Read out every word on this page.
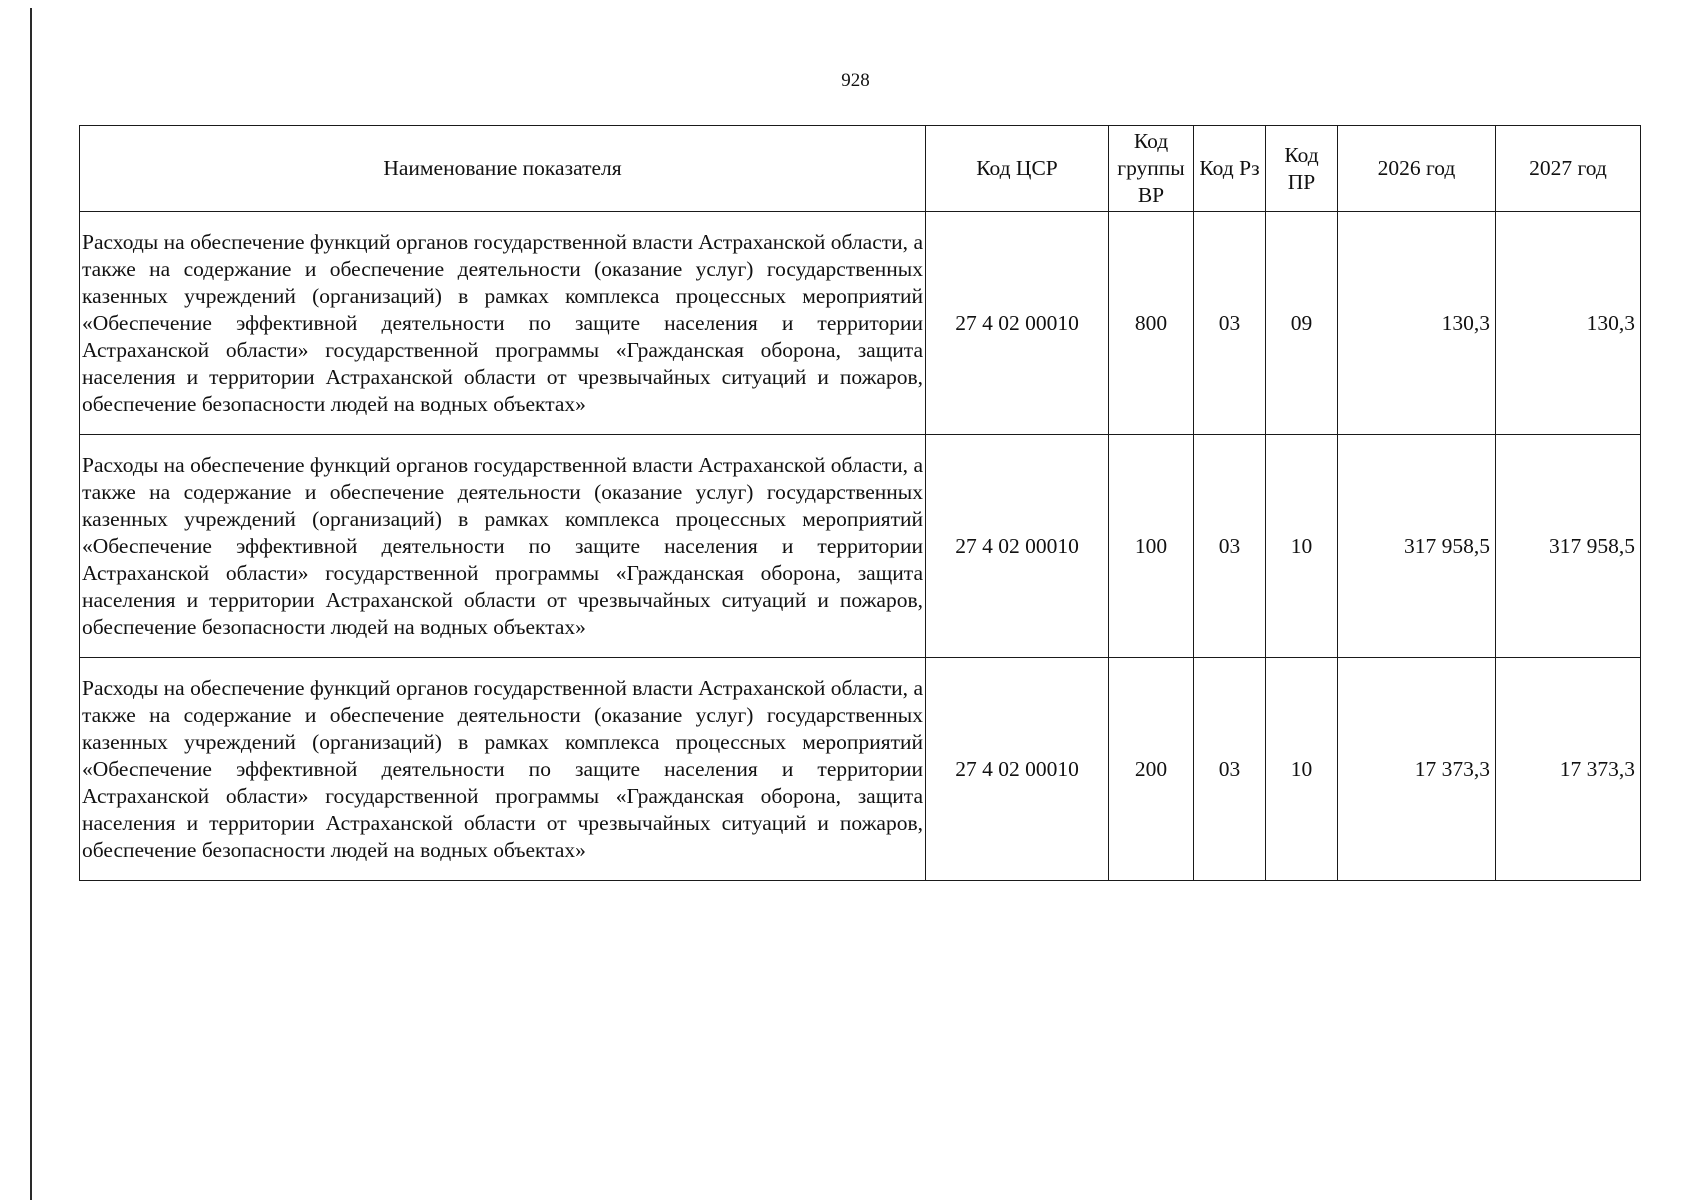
928
Наименование показателя	Код ЦСР	Код группы ВР	Код Рз	Код ПР	2026 год	2027 год
Расходы на обеспечение функций органов государственной власти Астраханской области, а также на содержание и обеспечение деятельности (оказание услуг) государственных казенных учреждений (организаций) в рамках комплекса процессных мероприятий «Обеспечение эффективной деятельности по защите населения и территории Астраханской области» государственной программы «Гражданская оборона, защита населения и территории Астраханской области от чрезвычайных ситуаций и пожаров, обеспечение безопасности людей на водных объектах»	27 4 02 00010	800	03	09	130,3	130,3
Расходы на обеспечение функций органов государственной власти Астраханской области, а также на содержание и обеспечение деятельности (оказание услуг) государственных казенных учреждений (организаций) в рамках комплекса процессных мероприятий «Обеспечение эффективной деятельности по защите населения и территории Астраханской области» государственной программы «Гражданская оборона, защита населения и территории Астраханской области от чрезвычайных ситуаций и пожаров, обеспечение безопасности людей на водных объектах»	27 4 02 00010	100	03	10	317 958,5	317 958,5
Расходы на обеспечение функций органов государственной власти Астраханской области, а также на содержание и обеспечение деятельности (оказание услуг) государственных казенных учреждений (организаций) в рамках комплекса процессных мероприятий «Обеспечение эффективной деятельности по защите населения и территории Астраханской области» государственной программы «Гражданская оборона, защита населения и территории Астраханской области от чрезвычайных ситуаций и пожаров, обеспечение безопасности людей на водных объектах»	27 4 02 00010	200	03	10	17 373,3	17 373,3
